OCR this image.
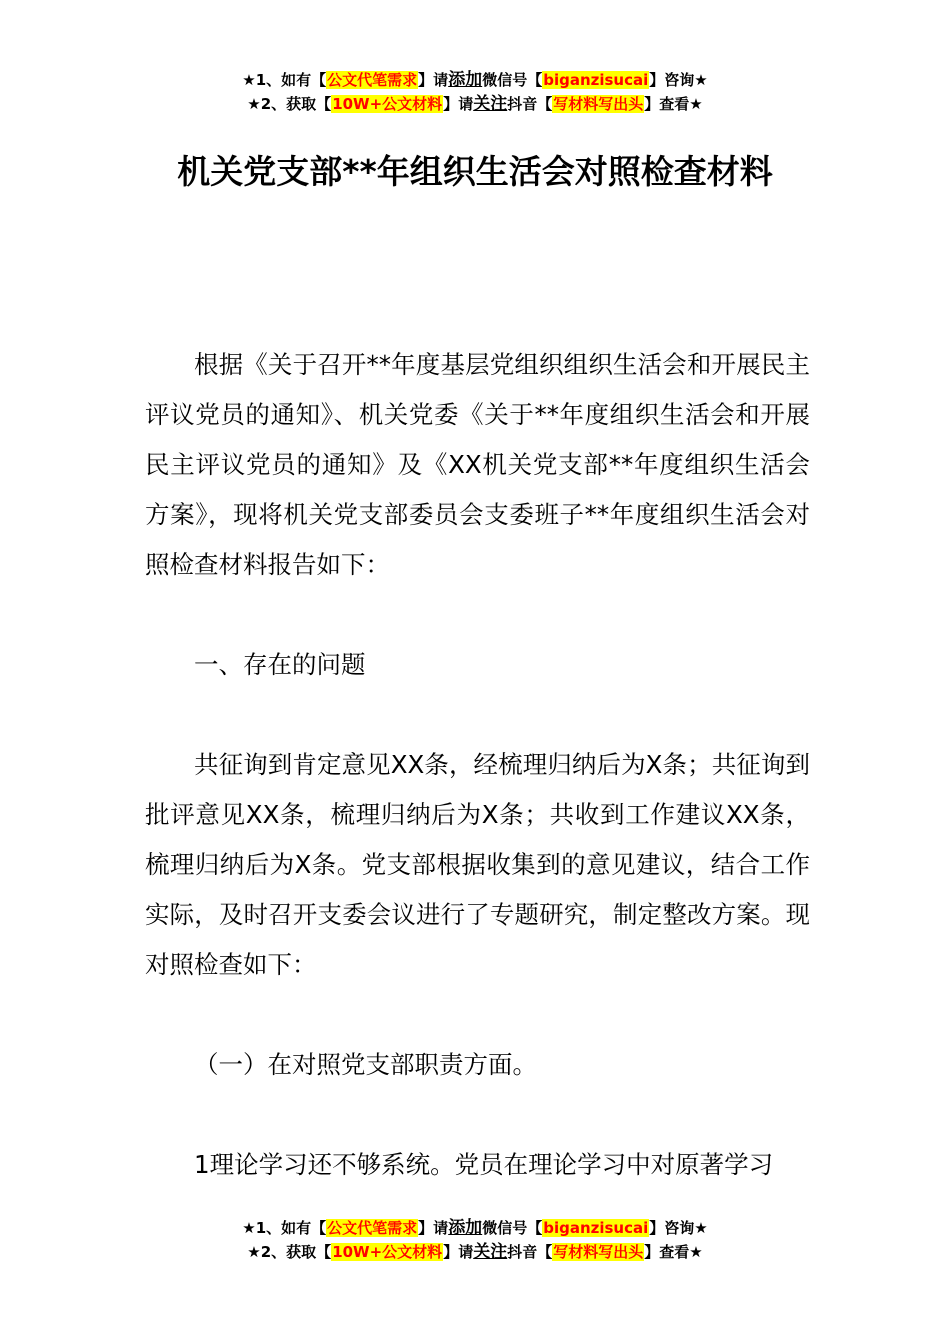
★1、如有【公文代笔需求】请添加微信号【biganzisucai】咨询★
★2、获取【10W+公文材料】请关注抖音【写材料写出头】查看★
机关党支部**年组织生活会对照检查材料

根据《关于召开**年度基层党组织组织生活会和开展民主评议党员的通知》、机关党委《关于**年度组织生活会和开展民主评议党员的通知》及《XX机关党支部**年度组织生活会方案》，现将机关党支部委员会支委班子**年度组织生活会对照检查材料报告如下：

一、存在的问题

共征询到肯定意见XX条，经梳理归纳后为X条；共征询到批评意见XX条，梳理归纳后为X条；共收到工作建议XX条，梳理归纳后为X条。党支部根据收集到的意见建议，结合工作实际，及时召开支委会议进行了专题研究，制定整改方案。现对照检查如下：

（一）在对照党支部职责方面。

1理论学习还不够系统。党员在理论学习中对原著学习

★1、如有【公文代笔需求】请添加微信号【biganzisucai】咨询★
★2、获取【10W+公文材料】请关注抖音【写材料写出头】查看★
